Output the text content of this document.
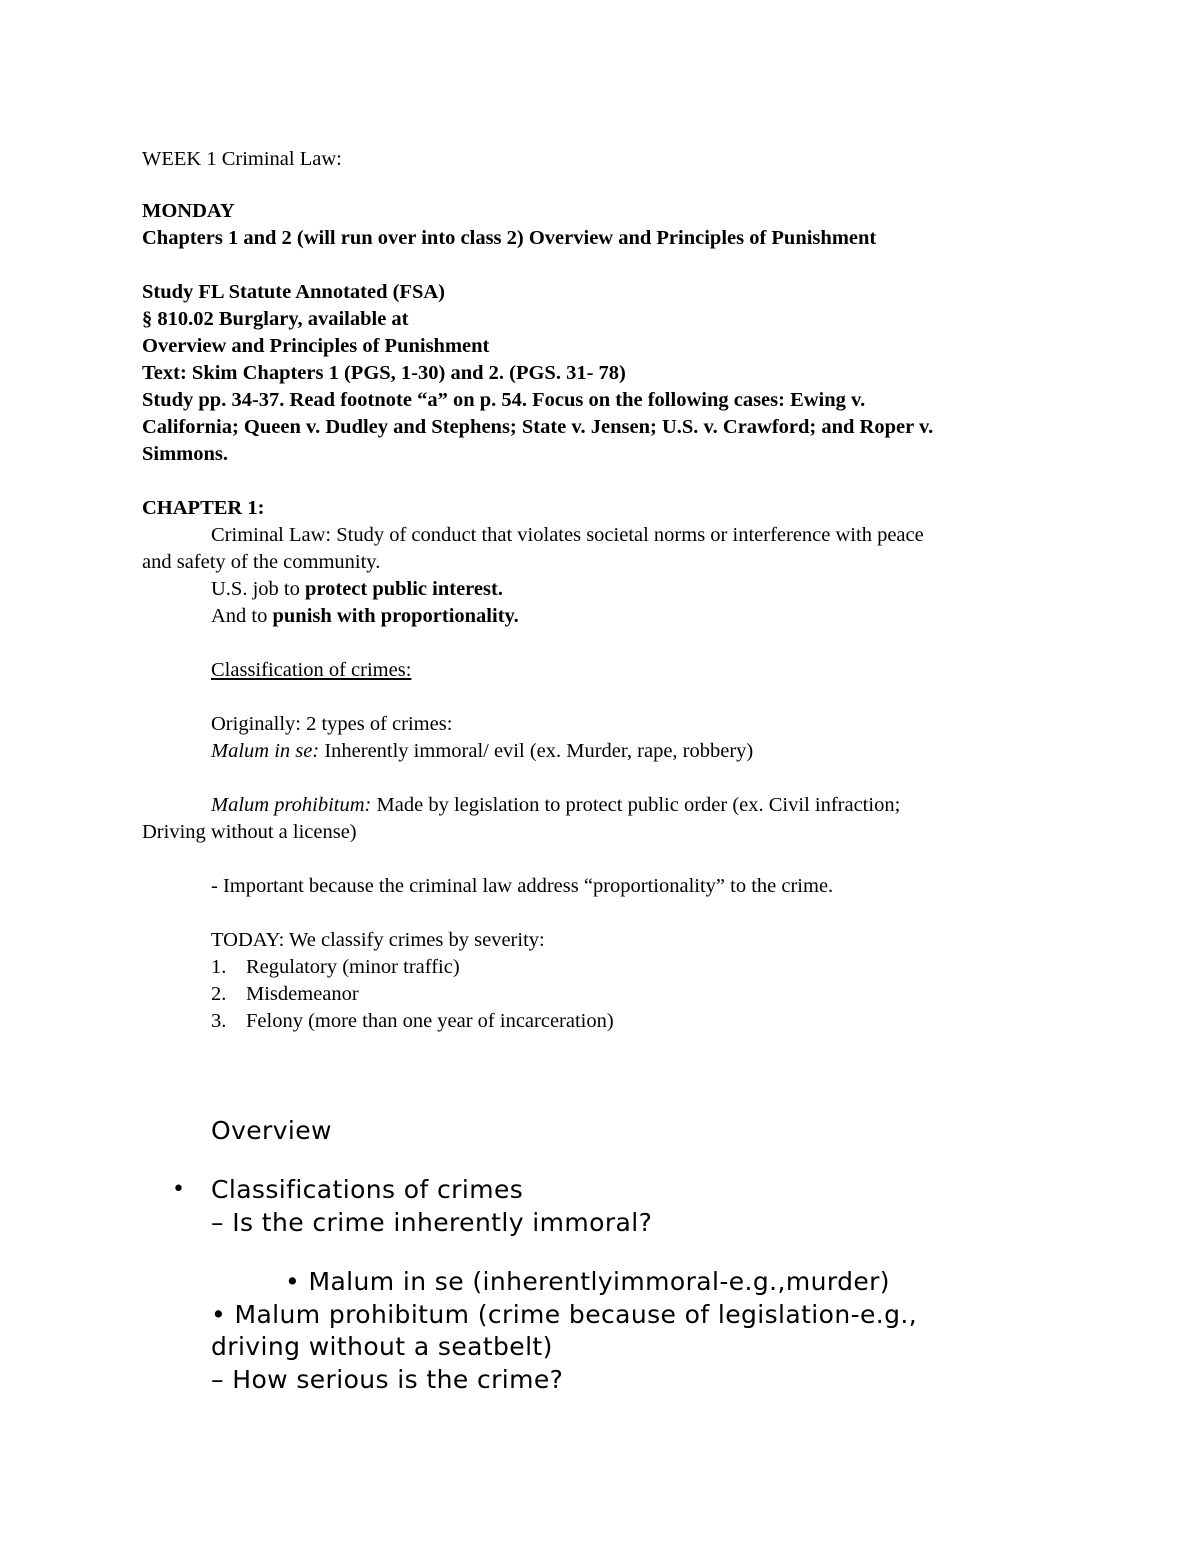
WEEK 1 Criminal Law:
MONDAY
Chapters 1 and 2 (will run over into class 2) Overview and Principles of Punishment
Study FL Statute Annotated (FSA)
§ 810.02 Burglary, available at
Overview and Principles of Punishment
Text: Skim Chapters 1 (PGS, 1-30) and 2. (PGS. 31- 78)
Study pp. 34-37. Read footnote “a” on p. 54. Focus on the following cases: Ewing v.
California; Queen v. Dudley and Stephens; State v. Jensen; U.S. v. Crawford; and Roper v.
Simmons.
CHAPTER 1:
Criminal Law: Study of conduct that violates societal norms or interference with peace
and safety of the community.
U.S. job to protect public interest.
And to punish with proportionality.
Classification of crimes:
Originally: 2 types of crimes:
Malum in se: Inherently immoral/ evil (ex. Murder, rape, robbery)
Malum prohibitum: Made by legislation to protect public order (ex. Civil infraction;
Driving without a license)
- Important because the criminal law address “proportionality” to the crime.
TODAY: We classify crimes by severity:
1. Regulatory (minor traffic)
2. Misdemeanor
3. Felony (more than one year of incarceration)
Overview
• Classifications of crimes
– Is the crime inherently immoral?
• Malum in se (inherentlyimmoral-e.g.,murder)
• Malum prohibitum (crime because of legislation-e.g.,
driving without a seatbelt)
– How serious is the crime?
